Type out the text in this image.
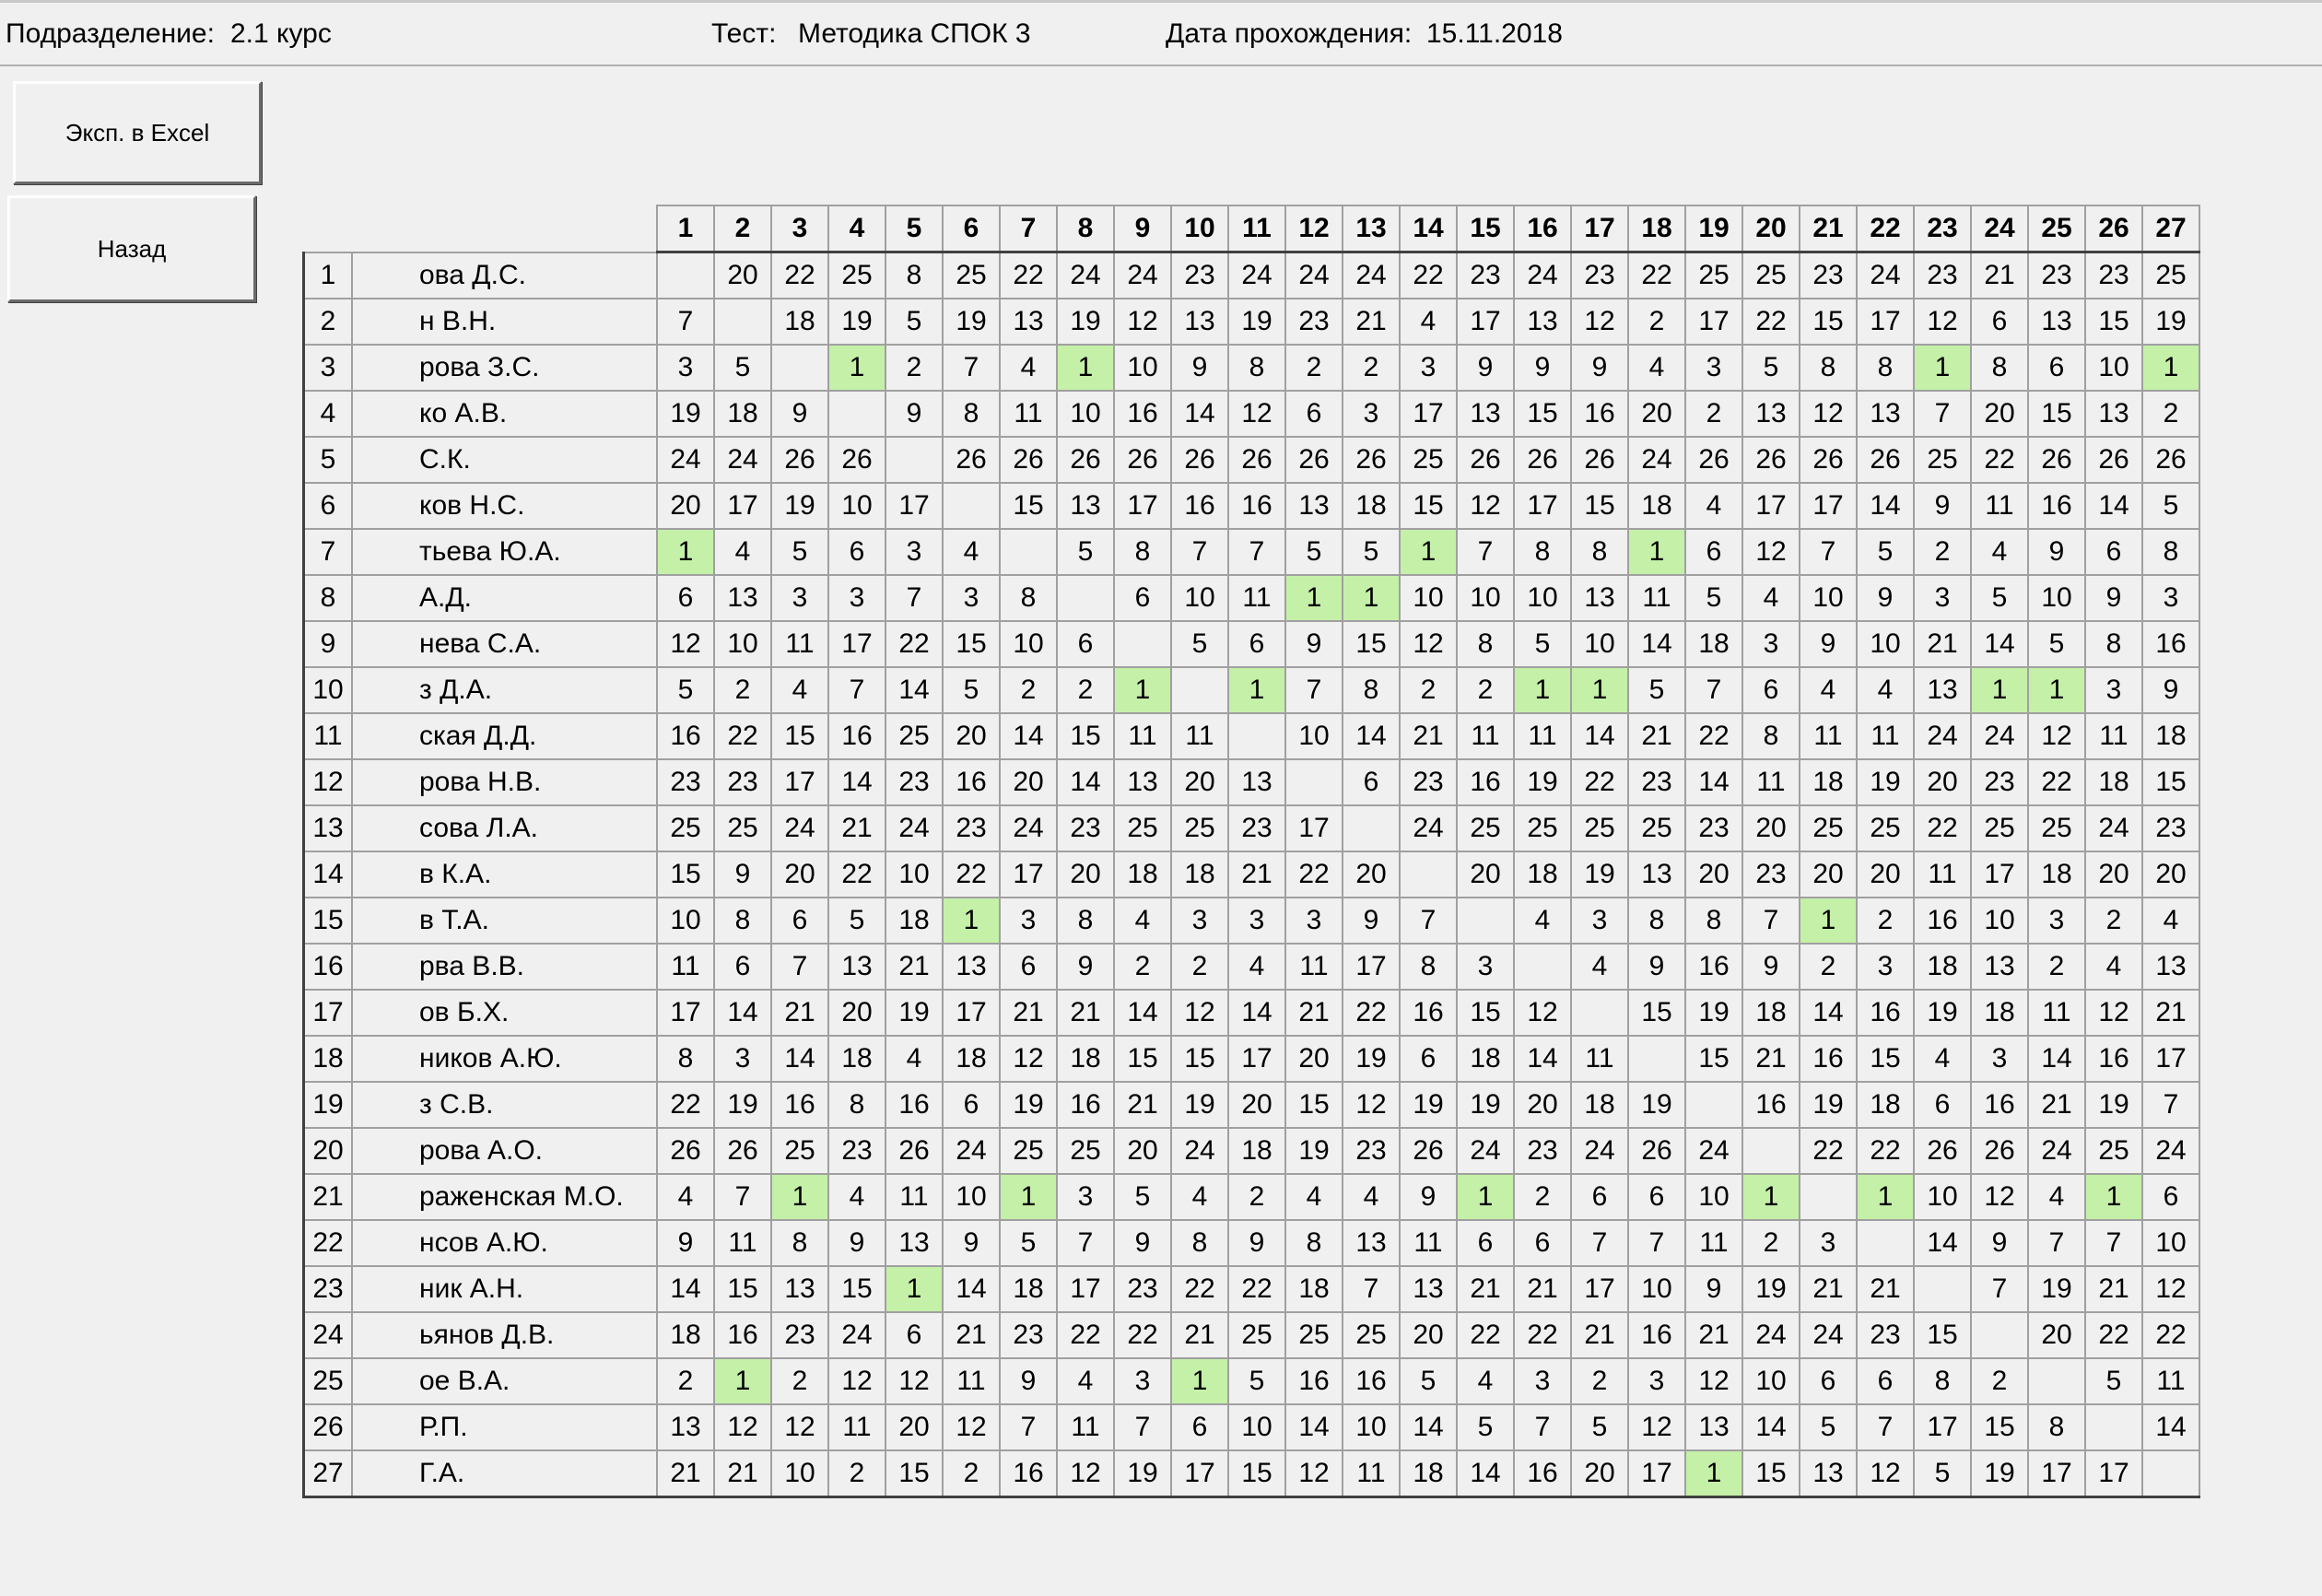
Подразделение: 2.1 курс	Тест: Методика СПОК 3	Дата прохождения: 15.11.2018
Эксп. в Excel
Назад
		1	2	3	4	5	6	7	8	9	10	11	12	13	14	15	16	17	18	19	20	21	22	23	24	25	26	27
1	ова Д.С.		20	22	25	8	25	22	24	24	23	24	24	24	22	23	24	23	22	25	25	23	24	23	21	23	23	25
2	н В.Н.	7		18	19	5	19	13	19	12	13	19	23	21	4	17	13	12	2	17	22	15	17	12	6	13	15	19
3	рова З.С.	3	5		1	2	7	4	1	10	9	8	2	2	3	9	9	9	4	3	5	8	8	1	8	6	10	1
4	ко А.В.	19	18	9		9	8	11	10	16	14	12	6	3	17	13	15	16	20	2	13	12	13	7	20	15	13	2
5	С.К.	24	24	26	26		26	26	26	26	26	26	26	26	25	26	26	26	24	26	26	26	26	25	22	26	26	26
6	ков Н.С.	20	17	19	10	17		15	13	17	16	16	13	18	15	12	17	15	18	4	17	17	14	9	11	16	14	5
7	тьева Ю.А.	1	4	5	6	3	4		5	8	7	7	5	5	1	7	8	8	1	6	12	7	5	2	4	9	6	8
8	А.Д.	6	13	3	3	7	3	8		6	10	11	1	1	10	10	10	13	11	5	4	10	9	3	5	10	9	3
9	нева С.А.	12	10	11	17	22	15	10	6		5	6	9	15	12	8	5	10	14	18	3	9	10	21	14	5	8	16
10	з Д.А.	5	2	4	7	14	5	2	2	1		1	7	8	2	2	1	1	5	7	6	4	4	13	1	1	3	9
11	ская Д.Д.	16	22	15	16	25	20	14	15	11	11		10	14	21	11	11	14	21	22	8	11	11	24	24	12	11	18
12	рова Н.В.	23	23	17	14	23	16	20	14	13	20	13		6	23	16	19	22	23	14	11	18	19	20	23	22	18	15
13	сова Л.А.	25	25	24	21	24	23	24	23	25	25	23	17		24	25	25	25	25	23	20	25	25	22	25	25	24	23
14	в К.А.	15	9	20	22	10	22	17	20	18	18	21	22	20		20	18	19	13	20	23	20	20	11	17	18	20	20
15	в Т.А.	10	8	6	5	18	1	3	8	4	3	3	3	9	7		4	3	8	8	7	1	2	16	10	3	2	4
16	рва В.В.	11	6	7	13	21	13	6	9	2	2	4	11	17	8	3		4	9	16	9	2	3	18	13	2	4	13
17	ов Б.Х.	17	14	21	20	19	17	21	21	14	12	14	21	22	16	15	12		15	19	18	14	16	19	18	11	12	21
18	ников А.Ю.	8	3	14	18	4	18	12	18	15	15	17	20	19	6	18	14	11		15	21	16	15	4	3	14	16	17
19	з С.В.	22	19	16	8	16	6	19	16	21	19	20	15	12	19	19	20	18	19		16	19	18	6	16	21	19	7
20	рова А.О.	26	26	25	23	26	24	25	25	20	24	18	19	23	26	24	23	24	26	24		22	22	26	26	24	25	24
21	раженская М.О.	4	7	1	4	11	10	1	3	5	4	2	4	4	9	1	2	6	6	10	1		1	10	12	4	1	6
22	нсов А.Ю.	9	11	8	9	13	9	5	7	9	8	9	8	13	11	6	6	7	7	11	2	3		14	9	7	7	10
23	ник А.Н.	14	15	13	15	1	14	18	17	23	22	22	18	7	13	21	21	17	10	9	19	21	21		7	19	21	12
24	ьянов Д.В.	18	16	23	24	6	21	23	22	22	21	25	25	25	20	22	22	21	16	21	24	24	23	15		20	22	22
25	ое В.А.	2	1	2	12	12	11	9	4	3	1	5	16	16	5	4	3	2	3	12	10	6	6	8	2		5	11
26	Р.П.	13	12	12	11	20	12	7	11	7	6	10	14	10	14	5	7	5	12	13	14	5	7	17	15	8		14
27	Г.А.	21	21	10	2	15	2	16	12	19	17	15	12	11	18	14	16	20	17	1	15	13	12	5	19	17	17	
